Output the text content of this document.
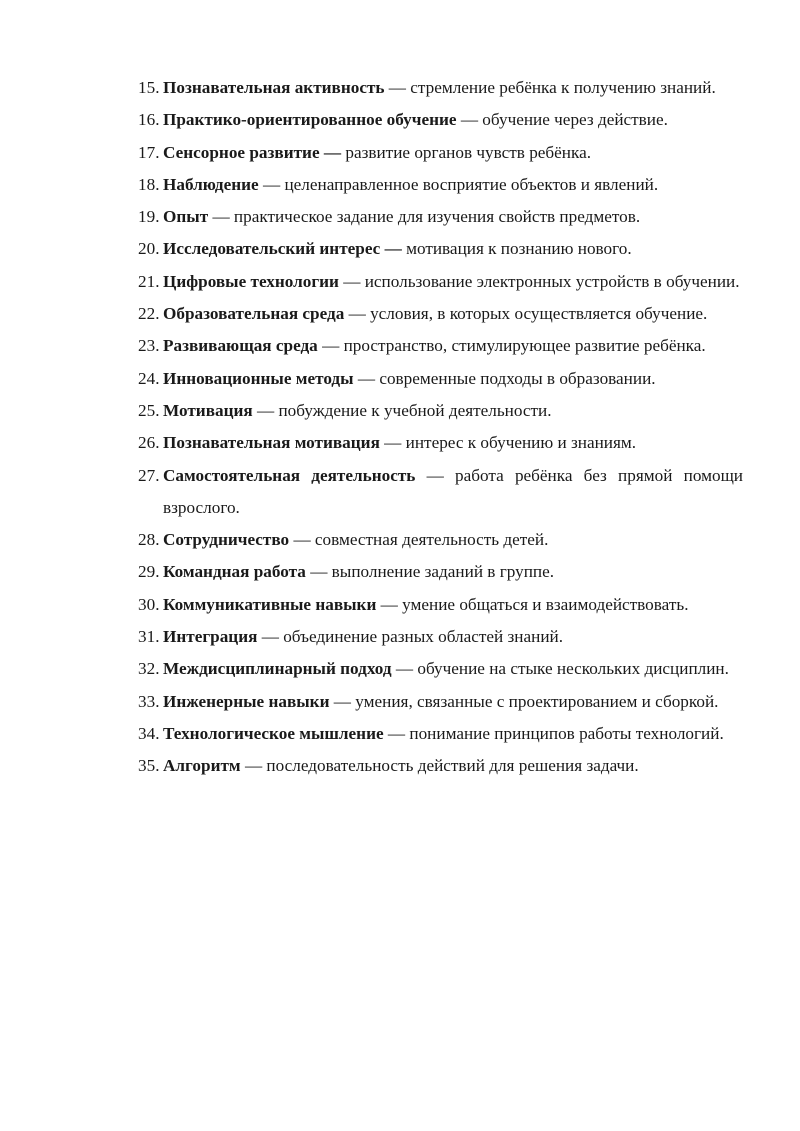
15. Познавательная активность — стремление ребёнка к получению знаний.
16. Практико-ориентированное обучение — обучение через действие.
17. Сенсорное развитие — развитие органов чувств ребёнка.
18. Наблюдение — целенаправленное восприятие объектов и явлений.
19. Опыт — практическое задание для изучения свойств предметов.
20. Исследовательский интерес — мотивация к познанию нового.
21. Цифровые технологии — использование электронных устройств в обучении.
22. Образовательная среда — условия, в которых осуществляется обучение.
23. Развивающая среда — пространство, стимулирующее развитие ребёнка.
24. Инновационные методы — современные подходы в образовании.
25. Мотивация — побуждение к учебной деятельности.
26. Познавательная мотивация — интерес к обучению и знаниям.
27. Самостоятельная деятельность — работа ребёнка без прямой помощи взрослого.
28. Сотрудничество — совместная деятельность детей.
29. Командная работа — выполнение заданий в группе.
30. Коммуникативные навыки — умение общаться и взаимодействовать.
31. Интеграция — объединение разных областей знаний.
32. Междисциплинарный подход — обучение на стыке нескольких дисциплин.
33. Инженерные навыки — умения, связанные с проектированием и сборкой.
34. Технологическое мышление — понимание принципов работы технологий.
35. Алгоритм — последовательность действий для решения задачи.
